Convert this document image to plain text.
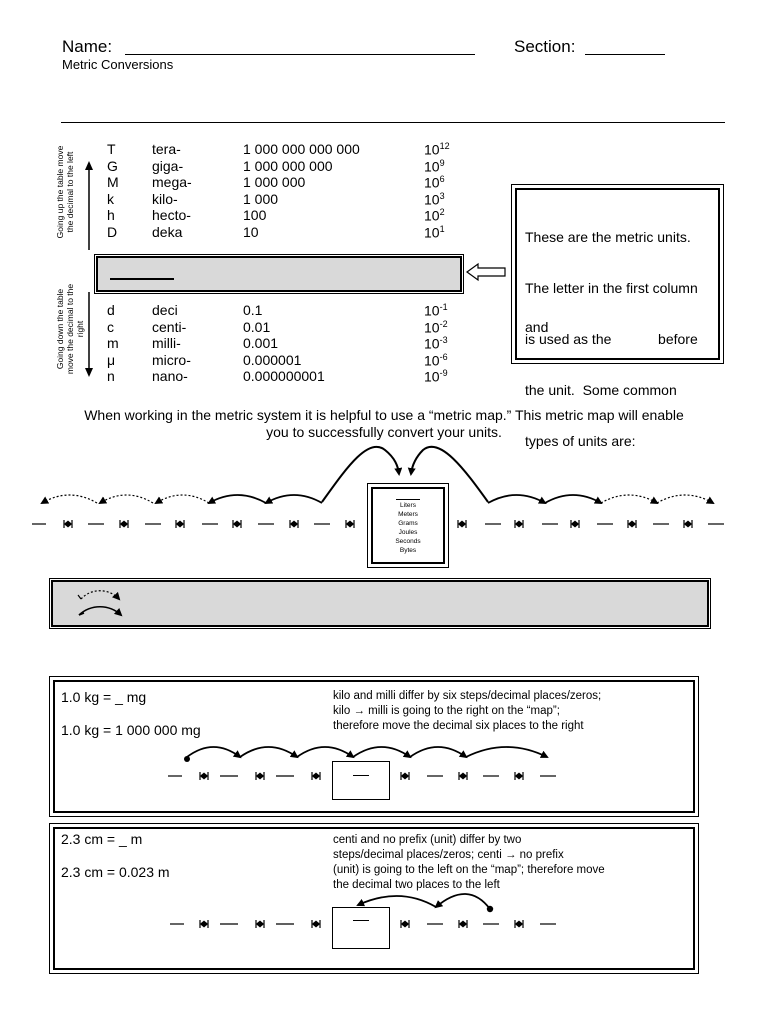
Name:	Section:
Metric Conversions
Going up the table move the decimal to the left
Going down the table move the decimal to the right
T	tera-	1 000 000 000 000	$10^{12}$
G giga-	1 000 000 000	$10^9$
M mega-	1 000 000	$10^6$
k	kilo-	1 000	$10^3$
h	hecto-	100	$10^2$
D deka	10	$10^1$
d	deci	0.1	$10^{-1}$
c	centi-	0.01	$10^{-2}$
m milli-	0.001	$10^{-3}$
μ	micro-	0.000001	$10^{-6}$
n	nano-	0.000000001	$10^{-9}$

These are the metric units.

The letter in the first column

is used as the            before

the unit.  Some common

types of units are:

and
When working in the metric system it is helpful to use a “metric map.” This metric map will enable
you to successfully convert your units.
Liters
Meters
Grams
Joules
Seconds
Bytes
1.0 kg = _ mg
1.0 kg = 1 000 000 mg
kilo and milli differ by six steps/decimal places/zeros;
kilo → milli is going to the right on the “map”;
therefore move the decimal six places to the right
2.3 cm = _ m
2.3 cm = 0.023 m
centi and no prefix (unit) differ by two
steps/decimal places/zeros; centi → no prefix
(unit) is going to the left on the “map”; therefore move
the decimal two places to the left
